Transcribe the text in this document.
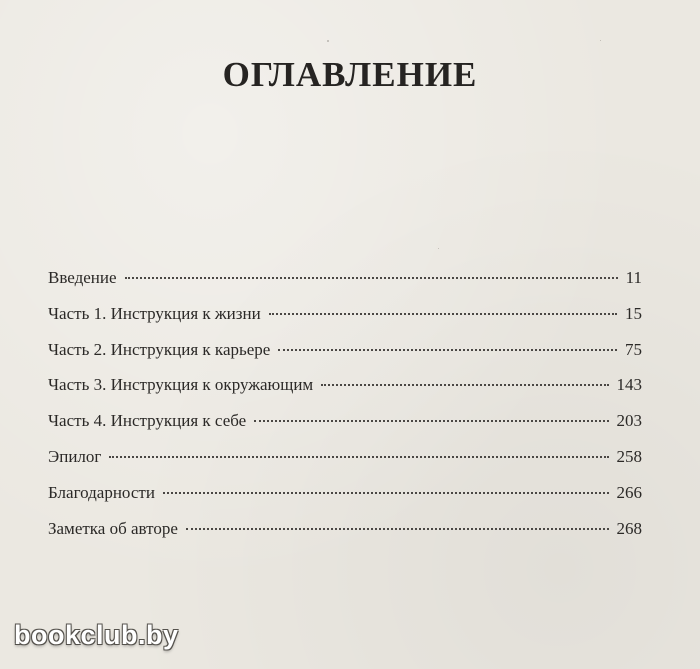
ОГЛАВЛЕНИЕ
Введение	11
Часть 1. Инструкция к жизни	15
Часть 2. Инструкция к карьере	75
Часть 3. Инструкция к окружающим	143
Часть 4. Инструкция к себе	203
Эпилог	258
Благодарности	266
Заметка об авторе	268
bookclub.by
